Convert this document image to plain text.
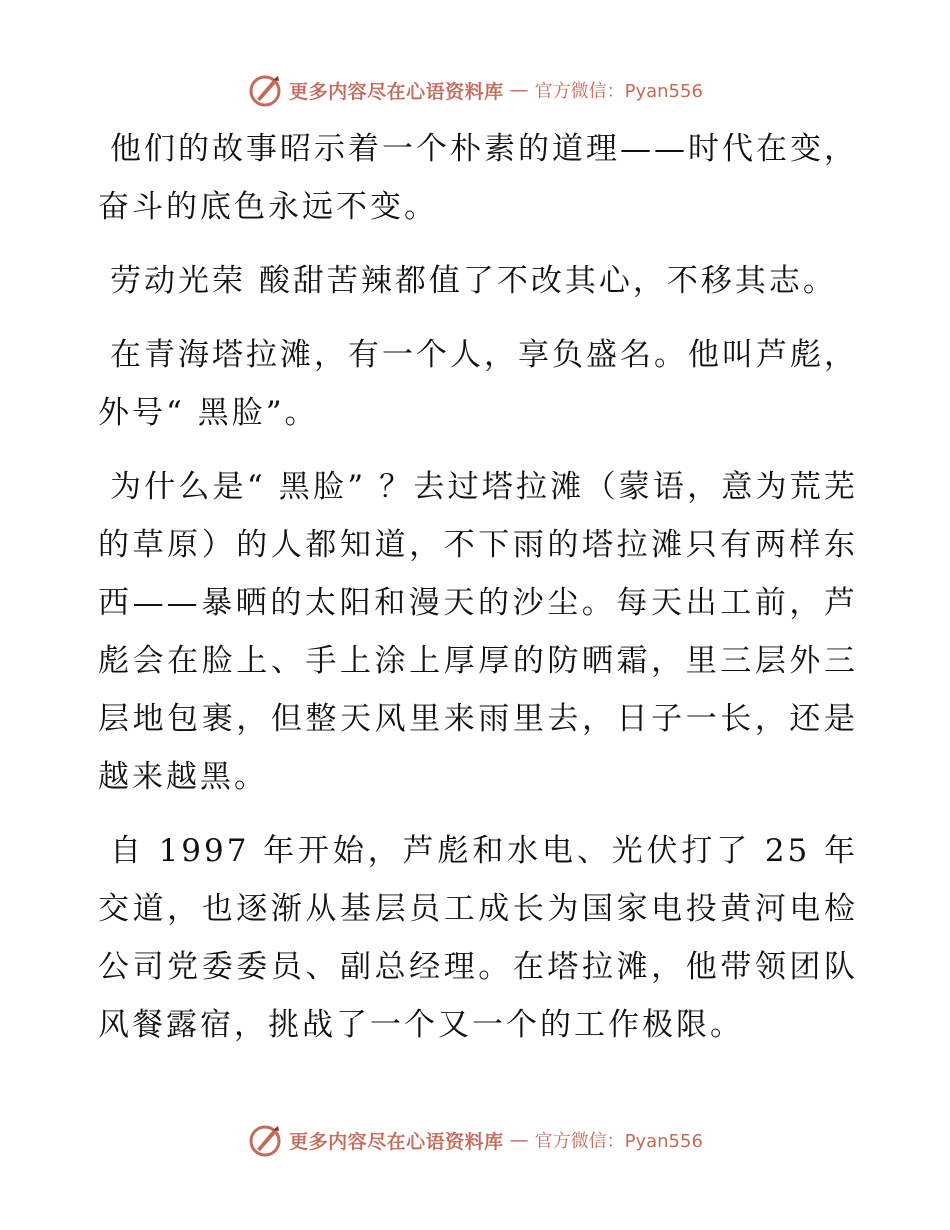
更多内容尽在心语资料库 — 官方微信：Pyan556

他们的故事昭示着一个朴素的道理——时代在变，奋斗的底色永远不变。

劳动光荣 酸甜苦辣都值了不改其心，不移其志。

在青海塔拉滩，有一个人，享负盛名。他叫芦彪，外号“ 黑脸”。

为什么是“ 黑脸” ？去过塔拉滩（蒙语，意为荒芜的草原）的人都知道，不下雨的塔拉滩只有两样东西——暴晒的太阳和漫天的沙尘。每天出工前，芦彪会在脸上、手上涂上厚厚的防晒霜，里三层外三层地包裹，但整天风里来雨里去，日子一长，还是越来越黑。

自 1997 年开始，芦彪和水电、光伏打了 25 年交道，也逐渐从基层员工成长为国家电投黄河电检公司党委委员、副总经理。在塔拉滩，他带领团队风餐露宿，挑战了一个又一个的工作极限。

更多内容尽在心语资料库 — 官方微信：Pyan556
